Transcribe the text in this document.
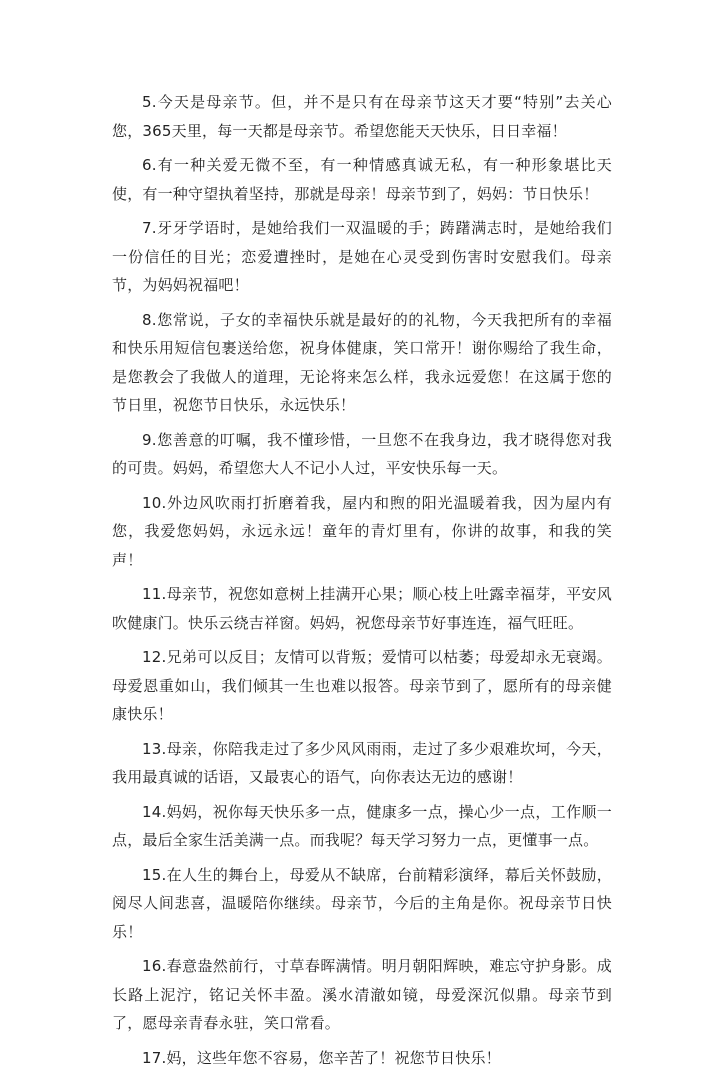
5.今天是母亲节。但，并不是只有在母亲节这天才要“特别”去关心您，365天里，每一天都是母亲节。希望您能天天快乐，日日幸福！

6.有一种关爱无微不至，有一种情感真诚无私，有一种形象堪比天使，有一种守望执着坚持，那就是母亲！母亲节到了，妈妈：节日快乐！

7.牙牙学语时，是她给我们一双温暖的手；踌躇满志时，是她给我们一份信任的目光；恋爱遭挫时，是她在心灵受到伤害时安慰我们。母亲节，为妈妈祝福吧！

8.您常说，子女的幸福快乐就是最好的的礼物，今天我把所有的幸福和快乐用短信包裹送给您，祝身体健康，笑口常开！谢你赐给了我生命，是您教会了我做人的道理，无论将来怎么样，我永远爱您！在这属于您的节日里，祝您节日快乐，永远快乐！

9.您善意的叮嘱，我不懂珍惜，一旦您不在我身边，我才晓得您对我的可贵。妈妈，希望您大人不记小人过，平安快乐每一天。

10.外边风吹雨打折磨着我，屋内和煦的阳光温暖着我，因为屋内有您，我爱您妈妈，永远永远！童年的青灯里有，你讲的故事，和我的笑声！

11.母亲节，祝您如意树上挂满开心果；顺心枝上吐露幸福芽，平安风吹健康门。快乐云绕吉祥窗。妈妈，祝您母亲节好事连连，福气旺旺。

12.兄弟可以反目；友情可以背叛；爱情可以枯萎；母爱却永无衰竭。母爱恩重如山，我们倾其一生也难以报答。母亲节到了，愿所有的母亲健康快乐！

13.母亲，你陪我走过了多少风风雨雨，走过了多少艰难坎坷，今天，我用最真诚的话语，又最衷心的语气，向你表达无边的感谢！

14.妈妈，祝你每天快乐多一点，健康多一点，操心少一点，工作顺一点，最后全家生活美满一点。而我呢？每天学习努力一点，更懂事一点。

15.在人生的舞台上，母爱从不缺席，台前精彩演绎，幕后关怀鼓励，阅尽人间悲喜，温暖陪你继续。母亲节，今后的主角是你。祝母亲节日快乐！

16.春意盎然前行，寸草春晖满情。明月朝阳辉映，难忘守护身影。成长路上泥泞，铭记关怀丰盈。溪水清澈如镜，母爱深沉似鼎。母亲节到了，愿母亲青春永驻，笑口常看。

17.妈，这些年您不容易，您辛苦了！祝您节日快乐！
